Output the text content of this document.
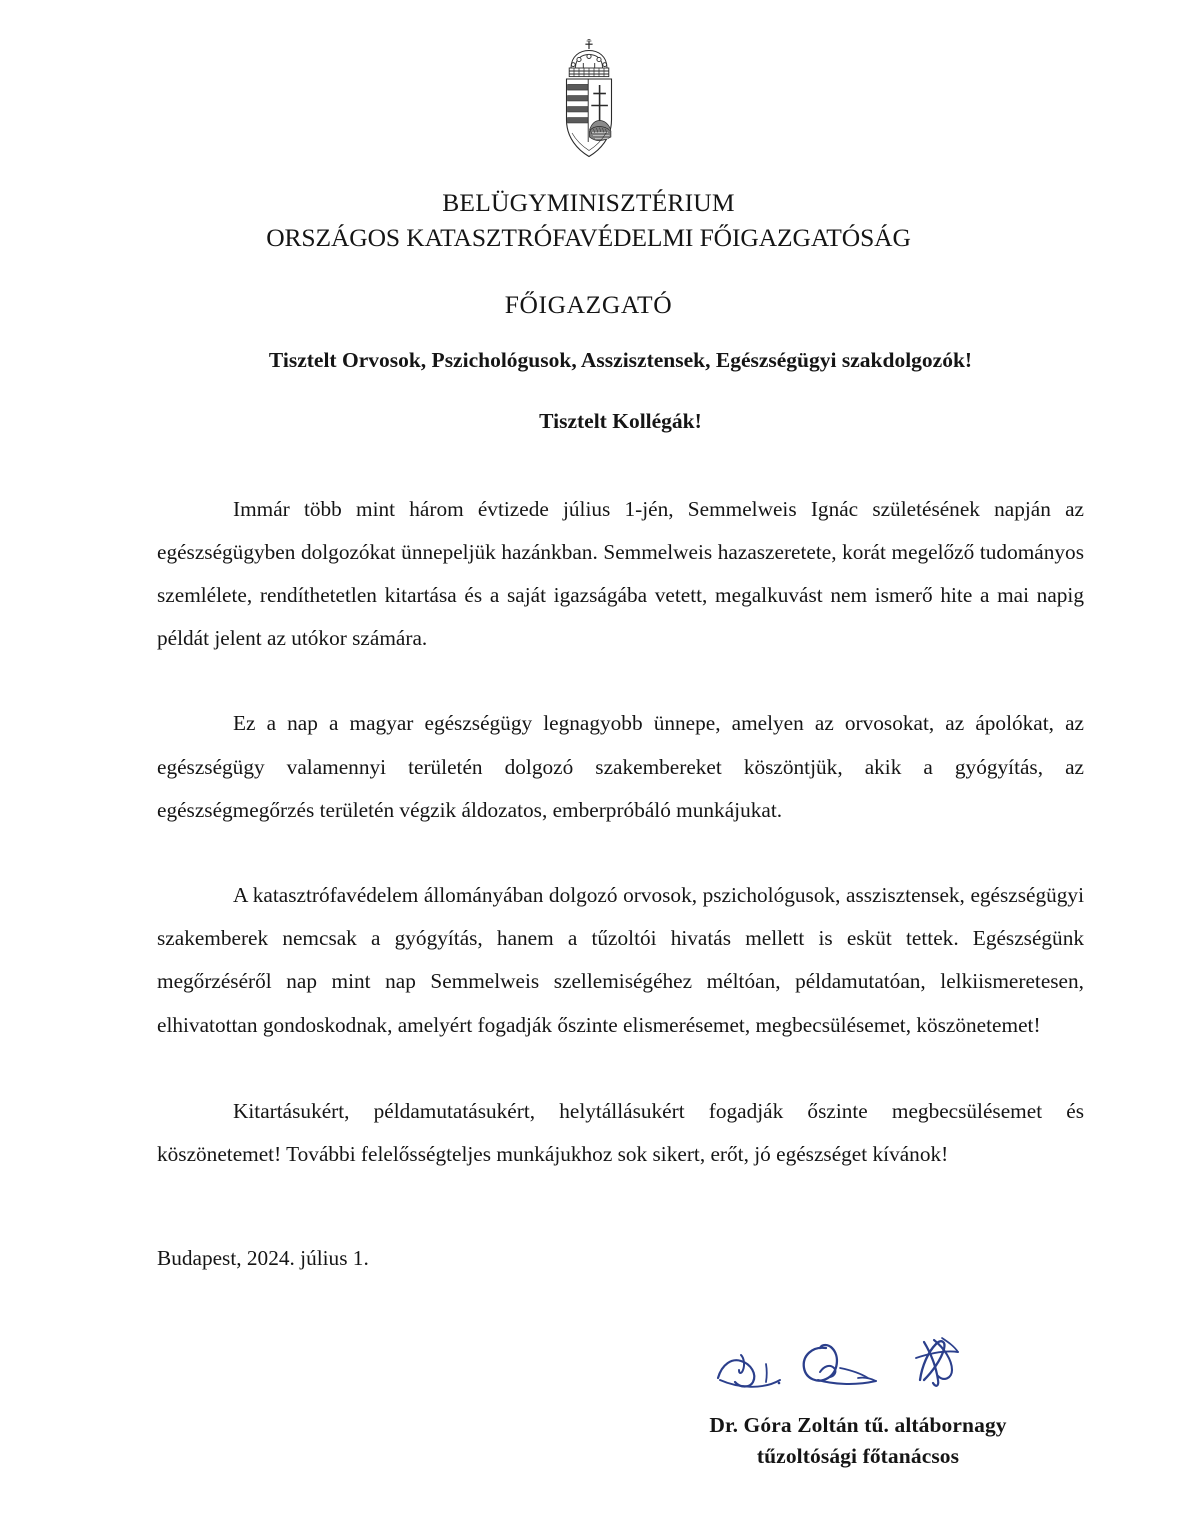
BELÜGYMINISZTÉRIUM
ORSZÁGOS KATASZTRÓFAVÉDELMI FŐIGAZGATÓSÁG
FŐIGAZGATÓ
Tisztelt Orvosok, Pszichológusok, Asszisztensek, Egészségügyi szakdolgozók!
Tisztelt Kollégák!

Immár több mint három évtizede július 1-jén, Semmelweis Ignác születésének napján az egészségügyben dolgozókat ünnepeljük hazánkban. Semmelweis hazaszeretete, korát megelőző tudományos szemlélete, rendíthetetlen kitartása és a saját igazságába vetett, megalkuvást nem ismerő hite a mai napig példát jelent az utókor számára.

Ez a nap a magyar egészségügy legnagyobb ünnepe, amelyen az orvosokat, az ápolókat, az egészségügy valamennyi területén dolgozó szakembereket köszöntjük, akik a gyógyítás, az egészségmegőrzés területén végzik áldozatos, emberpróbáló munkájukat.

A katasztrófavédelem állományában dolgozó orvosok, pszichológusok, asszisztensek, egészségügyi szakemberek nemcsak a gyógyítás, hanem a tűzoltói hivatás mellett is esküt tettek. Egészségünk megőrzéséről nap mint nap Semmelweis szellemiségéhez méltóan, példamutatóan, lelkiismeretesen, elhivatottan gondoskodnak, amelyért fogadják őszinte elismerésemet, megbecsülésemet, köszönetemet!

Kitartásukért, példamutatásukért, helytállásukért fogadják őszinte megbecsülésemet és köszönetemet! További felelősségteljes munkájukhoz sok sikert, erőt, jó egészséget kívánok!

Budapest, 2024. július 1.

Dr. Góra Zoltán tű. altábornagy
tűzoltósági főtanácsos
